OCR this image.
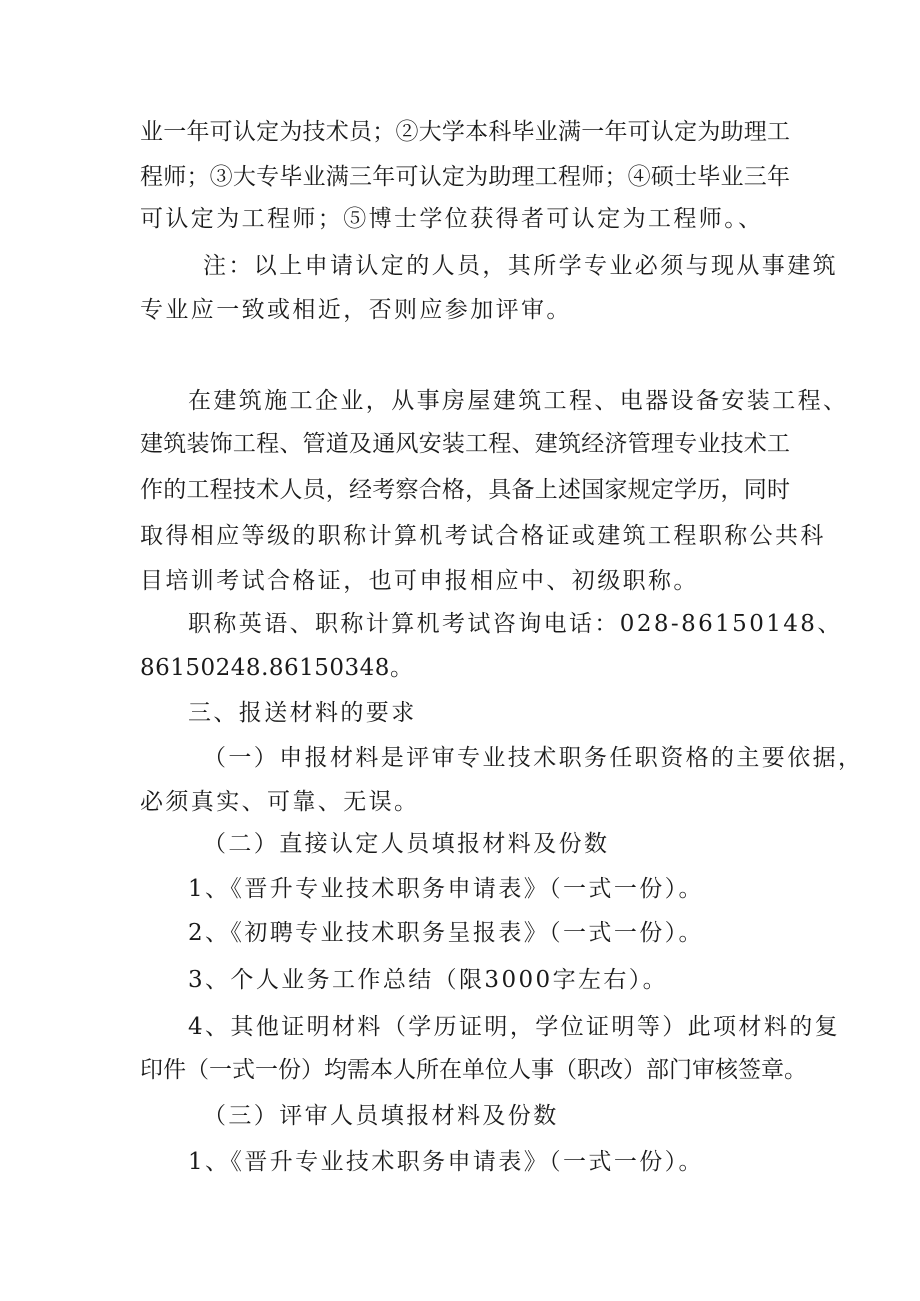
业一年可认定为技术员；②大学本科毕业满一年可认定为助理工
程师；③大专毕业满三年可认定为助理工程师；④硕士毕业三年
可认定为工程师；⑤博士学位获得者可认定为工程师。、
注：以上申请认定的人员，其所学专业必须与现从事建筑
专业应一致或相近，否则应参加评审。
在建筑施工企业，从事房屋建筑工程、电器设备安装工程、
建筑装饰工程、管道及通风安装工程、建筑经济管理专业技术工
作的工程技术人员，经考察合格，具备上述国家规定学历，同时
取得相应等级的职称计算机考试合格证或建筑工程职称公共科
目培训考试合格证，也可申报相应中、初级职称。
职称英语、职称计算机考试咨询电话：028-86150148、
86150248.86150348。
三、报送材料的要求
（一）申报材料是评审专业技术职务任职资格的主要依据，
必须真实、可靠、无误。
（二）直接认定人员填报材料及份数
1、《晋升专业技术职务申请表》（一式一份）。
2、《初聘专业技术职务呈报表》（一式一份）。
3、个人业务工作总结（限3000字左右）。
4、其他证明材料（学历证明，学位证明等）此项材料的复
印件（一式一份）均需本人所在单位人事（职改）部门审核签章。
（三）评审人员填报材料及份数
1、《晋升专业技术职务申请表》（一式一份）。
